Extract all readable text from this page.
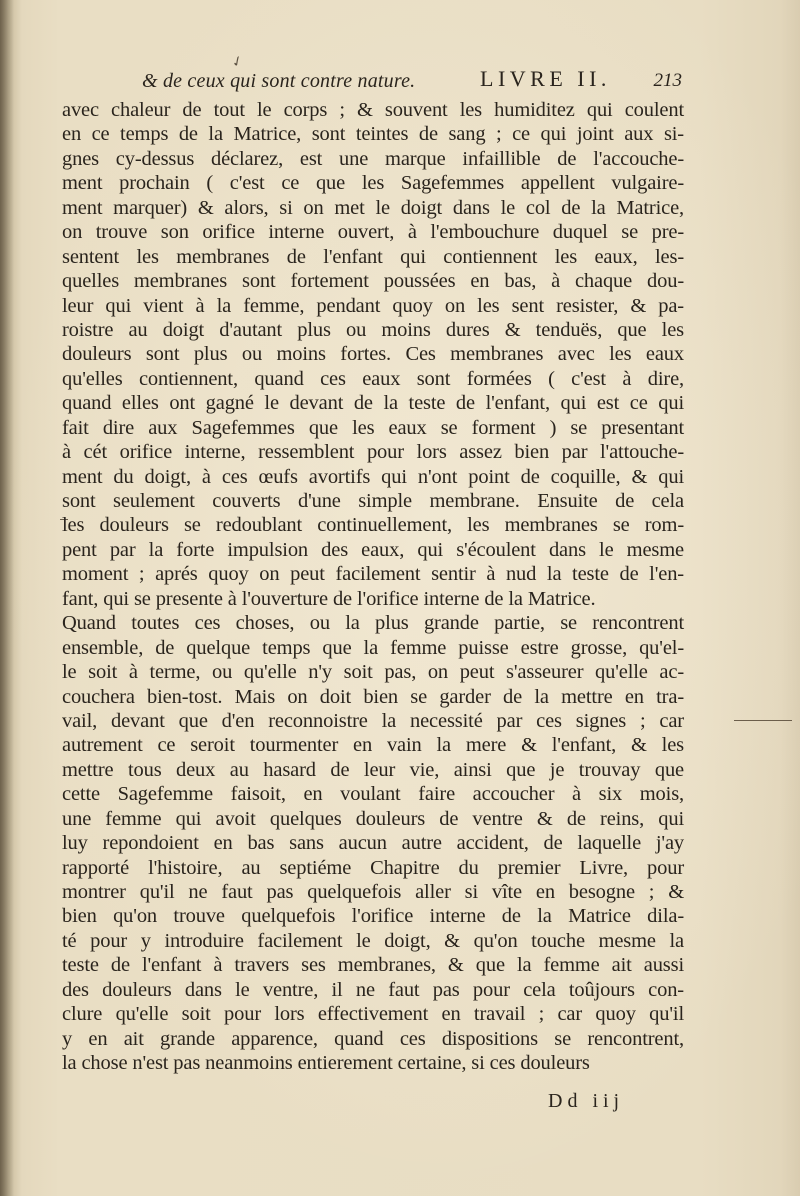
✓
& de ceux qui sont contre nature.	LIVRE II. 213
avec chaleur de tout le corps ; & souvent les humiditez qui coulent
en ce temps de la Matrice, sont teintes de sang ; ce qui joint aux si-
gnes cy-dessus déclarez, est une marque infaillible de l'accouche-
ment prochain ( c'est ce que les Sagefemmes appellent vulgaire-
ment marquer) & alors, si on met le doigt dans le col de la Matrice,
on trouve son orifice interne ouvert, à l'embouchure duquel se pre-
sentent les membranes de l'enfant qui contiennent les eaux, les-
quelles membranes sont fortement poussées en bas, à chaque dou-
leur qui vient à la femme, pendant quoy on les sent resister, & pa-
roistre au doigt d'autant plus ou moins dures & tenduës, que les
douleurs sont plus ou moins fortes. Ces membranes avec les eaux
qu'elles contiennent, quand ces eaux sont formées ( c'est à dire,
quand elles ont gagné le devant de la teste de l'enfant, qui est ce qui
fait dire aux Sagefemmes que les eaux se forment ) se presentant
à cét orifice interne, ressemblent pour lors assez bien par l'attouche-
ment du doigt, à ces œufs avortifs qui n'ont point de coquille, & qui
sont seulement couverts d'une simple membrane. Ensuite de cela
les douleurs se redoublant continuellement, les membranes se rom-
pent par la forte impulsion des eaux, qui s'écoulent dans le mesme
moment ; aprés quoy on peut facilement sentir à nud la teste de l'en-
fant, qui se presente à l'ouverture de l'orifice interne de la Matrice.
Quand toutes ces choses, ou la plus grande partie, se rencontrent
ensemble, de quelque temps que la femme puisse estre grosse, qu'el-
le soit à terme, ou qu'elle n'y soit pas, on peut s'asseurer qu'elle ac-
couchera bien-tost. Mais on doit bien se garder de la mettre en tra-
vail, devant que d'en reconnoistre la necessité par ces signes ; car
autrement ce seroit tourmenter en vain la mere & l'enfant, & les
mettre tous deux au hasard de leur vie, ainsi que je trouvay que
cette Sagefemme faisoit, en voulant faire accoucher à six mois,
une femme qui avoit quelques douleurs de ventre & de reins, qui
luy repondoient en bas sans aucun autre accident, de laquelle j'ay
rapporté l'histoire, au septiéme Chapitre du premier Livre, pour
montrer qu'il ne faut pas quelquefois aller si vîte en besogne ; &
bien qu'on trouve quelquefois l'orifice interne de la Matrice dila-
té pour y introduire facilement le doigt, & qu'on touche mesme la
teste de l'enfant à travers ses membranes, & que la femme ait aussi
des douleurs dans le ventre, il ne faut pas pour cela toûjours con-
clure qu'elle soit pour lors effectivement en travail ; car quoy qu'il
y en ait grande apparence, quand ces dispositions se rencontrent,
la chose n'est pas neanmoins entierement certaine, si ces douleurs
Dd iij
